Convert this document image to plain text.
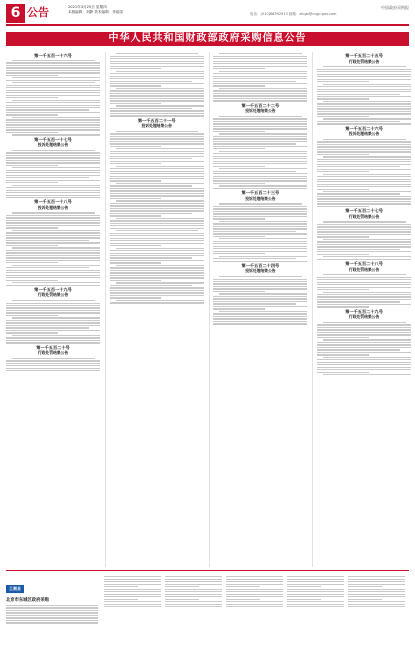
6 公告	2021年3月25日 星期四
本版编辑：刘静 美术编辑：李瑞清	电话：(010)68392913 邮箱：zfcgb@ccgp.gov.com
中国政府采购报
中华人民共和国财政部政府采购信息公告
第一千五百一十六号
第一千五百一十七号
投诉处理结果公告
第一千五百一十八号
投诉处理结果公告
第一千五百一十九号
行政处罚结果公告
第一千五百二十号
行政处罚结果公告
第一千五百二十一号
投诉处理结果公告
第一千五百二十二号
投诉处理结果公告
第一千五百二十三号
投诉处理结果公告
第一千五百二十四号
投诉处理结果公告
第一千五百二十五号
行政处罚结果公告
第一千五百二十六号
投诉处理结果公告
第一千五百二十七号
行政处罚结果公告
第一千五百二十八号
行政处罚结果公告
第一千五百二十九号
行政处罚结果公告
工商业
北京市东城区政府采购
